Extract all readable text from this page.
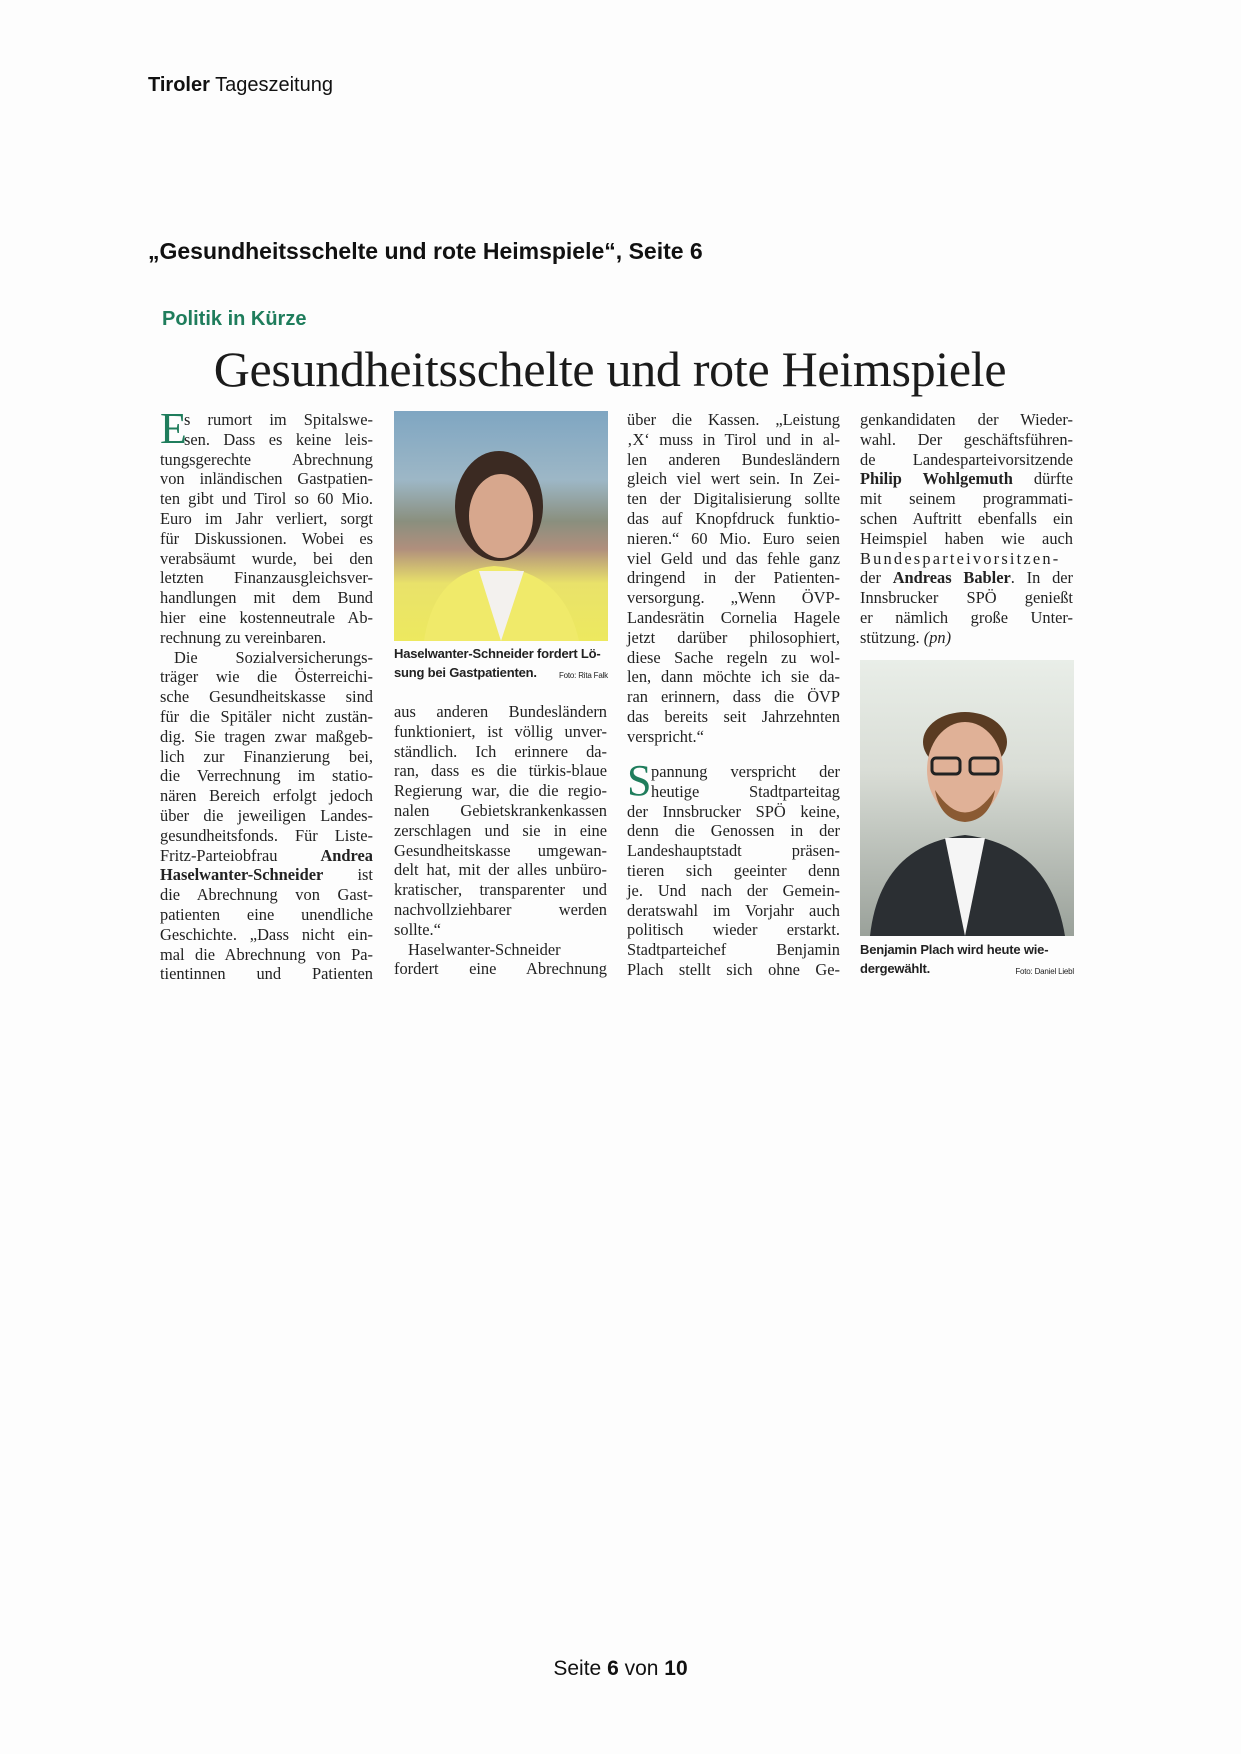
Tiroler Tageszeitung
„Gesundheitsschelte und rote Heimspiele“, Seite 6
Politik in Kürze
Gesundheitsschelte und rote Heimspiele
E
s rumort im Spitalswe-
sen. Dass es keine leis-
tungsgerechte Abrechnung
von inländischen Gastpatien-
ten gibt und Tirol so 60 Mio.
Euro im Jahr verliert, sorgt
für Diskussionen. Wobei es
verabsäumt wurde, bei den
letzten Finanzausgleichsver-
handlungen mit dem Bund
hier eine kostenneutrale Ab-
rechnung zu vereinbaren.
Die Sozialversicherungs-
träger wie die Österreichi-
sche Gesundheitskasse sind
für die Spitäler nicht zustän-
dig. Sie tragen zwar maßgeb-
lich zur Finanzierung bei,
die Verrechnung im statio-
nären Bereich erfolgt jedoch
über die jeweiligen Landes-
gesundheitsfonds. Für Liste-
Fritz-Parteiobfrau Andrea
Haselwanter-Schneider ist
die Abrechnung von Gast-
patienten eine unendliche
Geschichte. „Dass nicht ein-
mal die Abrechnung von Pa-
tientinnen und Patienten
Haselwanter-Schneider fordert Lö-
sung bei Gastpatienten.	Foto: Rita Falk
aus anderen Bundesländern
funktioniert, ist völlig unver-
ständlich. Ich erinnere da-
ran, dass es die türkis-blaue
Regierung war, die die regio-
nalen Gebietskrankenkassen
zerschlagen und sie in eine
Gesundheitskasse umgewan-
delt hat, mit der alles unbüro-
kratischer, transparenter und
nachvollziehbarer werden
sollte.“
Haselwanter-Schneider
fordert eine Abrechnung
über die Kassen. „Leistung
‚X‘ muss in Tirol und in al-
len anderen Bundesländern
gleich viel wert sein. In Zei-
ten der Digitalisierung sollte
das auf Knopfdruck funktio-
nieren.“ 60 Mio. Euro seien
viel Geld und das fehle ganz
dringend in der Patienten-
versorgung. „Wenn ÖVP-
Landesrätin Cornelia Hagele
jetzt darüber philosophiert,
diese Sache regeln zu wol-
len, dann möchte ich sie da-
ran erinnern, dass die ÖVP
das bereits seit Jahrzehnten
verspricht.“
S pannung verspricht der
heutige Stadtparteitag
der Innsbrucker SPÖ keine,
denn die Genossen in der
Landeshauptstadt präsen-
tieren sich geeinter denn
je. Und nach der Gemein-
deratswahl im Vorjahr auch
politisch wieder erstarkt.
Stadtparteichef Benjamin
Plach stellt sich ohne Ge-
genkandidaten der Wieder-
wahl. Der geschäftsführen-
de Landesparteivorsitzende
Philip Wohlgemuth dürfte
mit seinem programmati-
schen Auftritt ebenfalls ein
Heimspiel haben wie auch
Bundesparteivorsitzen-
der Andreas Babler. In der
Innsbrucker SPÖ genießt
er nämlich große Unter-
stützung. (pn)
Benjamin Plach wird heute wie-
dergewählt.	Foto: Daniel Liebl
Seite 6 von 10
